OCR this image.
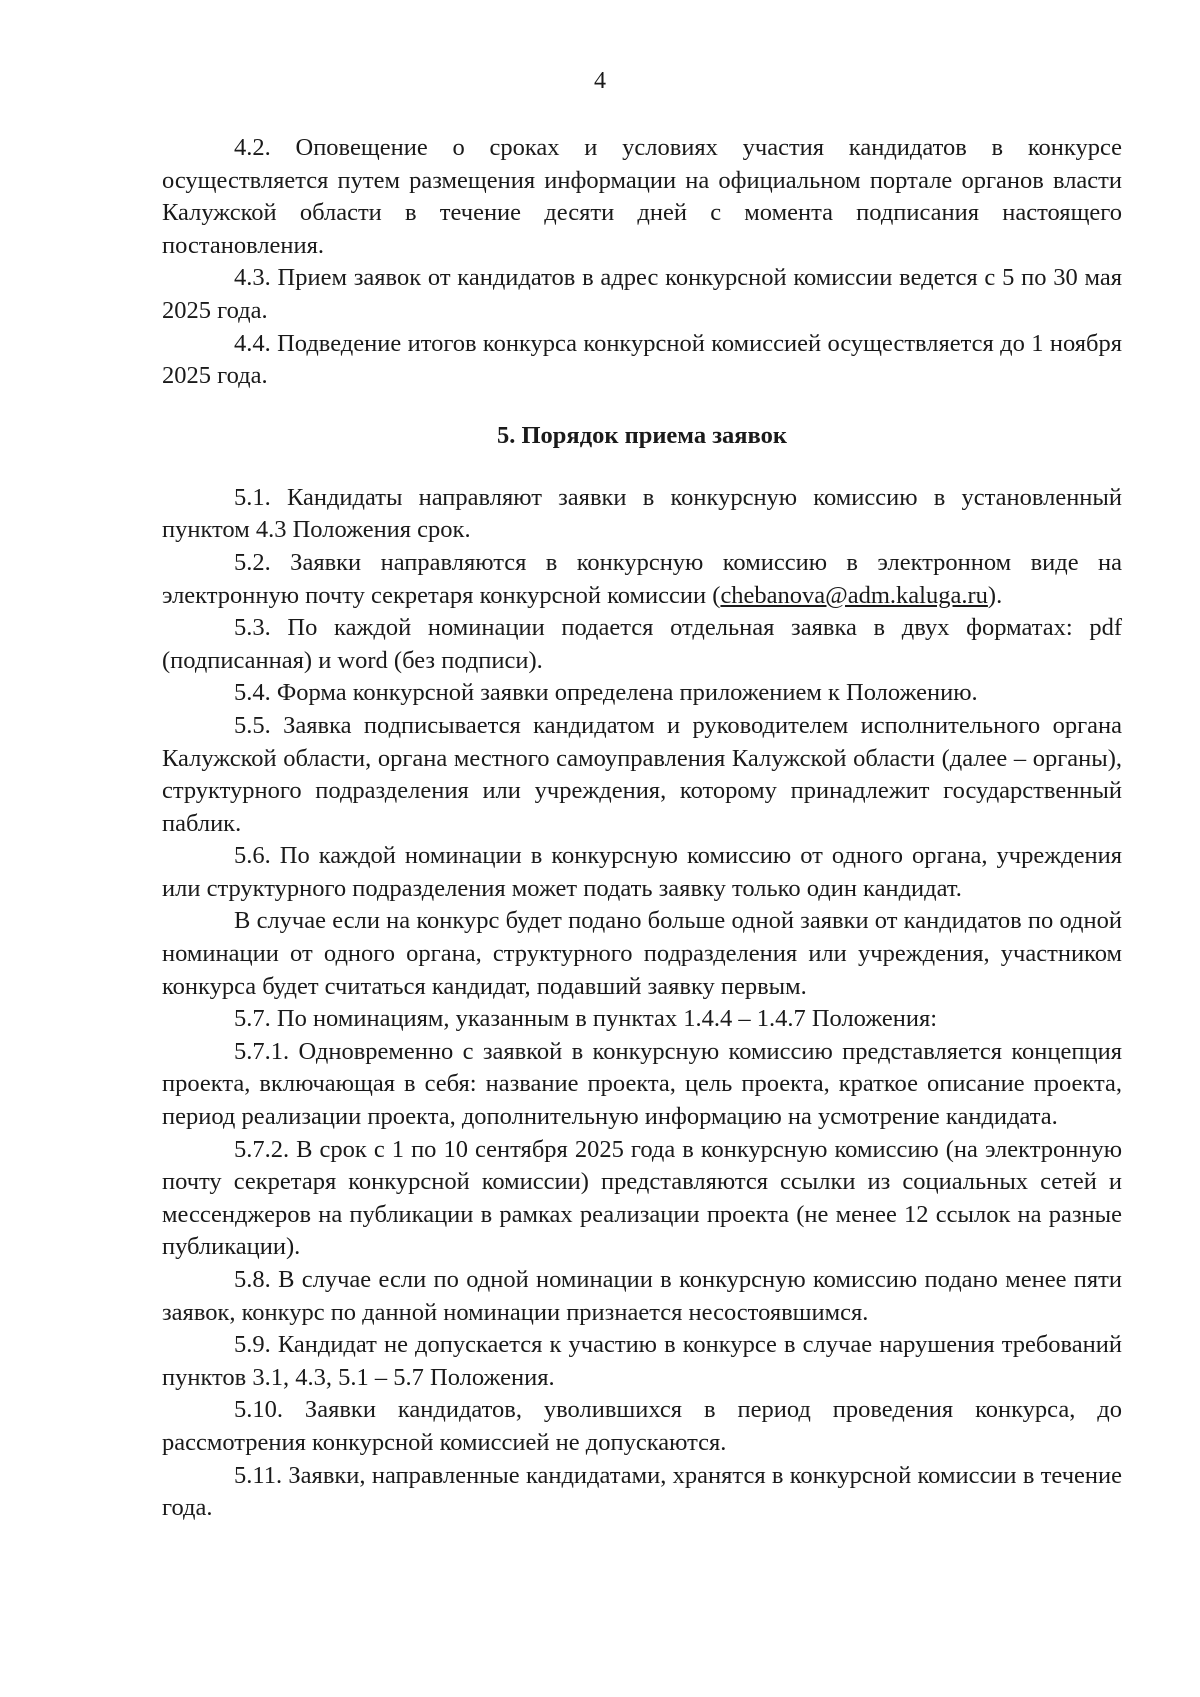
4

4.2. Оповещение о сроках и условиях участия кандидатов в конкурсе осуществляется путем размещения информации на официальном портале органов власти Калужской области в течение десяти дней с момента подписания настоящего постановления.

4.3. Прием заявок от кандидатов в адрес конкурсной комиссии ведется с 5 по 30 мая 2025 года.

4.4. Подведение итогов конкурса конкурсной комиссией осуществляется до 1 ноября 2025 года.

5. Порядок приема заявок

5.1. Кандидаты направляют заявки в конкурсную комиссию в установленный пунктом 4.3 Положения срок.

5.2. Заявки направляются в конкурсную комиссию в электронном виде на электронную почту секретаря конкурсной комиссии (chebanova@adm.kaluga.ru).

5.3. По каждой номинации подается отдельная заявка в двух форматах: pdf (подписанная) и word (без подписи).

5.4. Форма конкурсной заявки определена приложением к Положению.

5.5. Заявка подписывается кандидатом и руководителем исполнительного органа Калужской области, органа местного самоуправления Калужской области (далее – органы), структурного подразделения или учреждения, которому принадлежит государственный паблик.

5.6. По каждой номинации в конкурсную комиссию от одного органа, учреждения или структурного подразделения может подать заявку только один кандидат.

В случае если на конкурс будет подано больше одной заявки от кандидатов по одной номинации от одного органа, структурного подразделения или учреждения, участником конкурса будет считаться кандидат, подавший заявку первым.

5.7. По номинациям, указанным в пунктах 1.4.4 – 1.4.7 Положения:

5.7.1. Одновременно с заявкой в конкурсную комиссию представляется концепция проекта, включающая в себя: название проекта, цель проекта, краткое описание проекта, период реализации проекта, дополнительную информацию на усмотрение кандидата.

5.7.2. В срок с 1 по 10 сентября 2025 года в конкурсную комиссию (на электронную почту секретаря конкурсной комиссии) представляются ссылки из социальных сетей и мессенджеров на публикации в рамках реализации проекта (не менее 12 ссылок на разные публикации).

5.8. В случае если по одной номинации в конкурсную комиссию подано менее пяти заявок, конкурс по данной номинации признается несостоявшимся.

5.9. Кандидат не допускается к участию в конкурсе в случае нарушения требований пунктов 3.1, 4.3, 5.1 – 5.7 Положения.

5.10. Заявки кандидатов, уволившихся в период проведения конкурса, до рассмотрения конкурсной комиссией не допускаются.

5.11. Заявки, направленные кандидатами, хранятся в конкурсной комиссии в течение года.
